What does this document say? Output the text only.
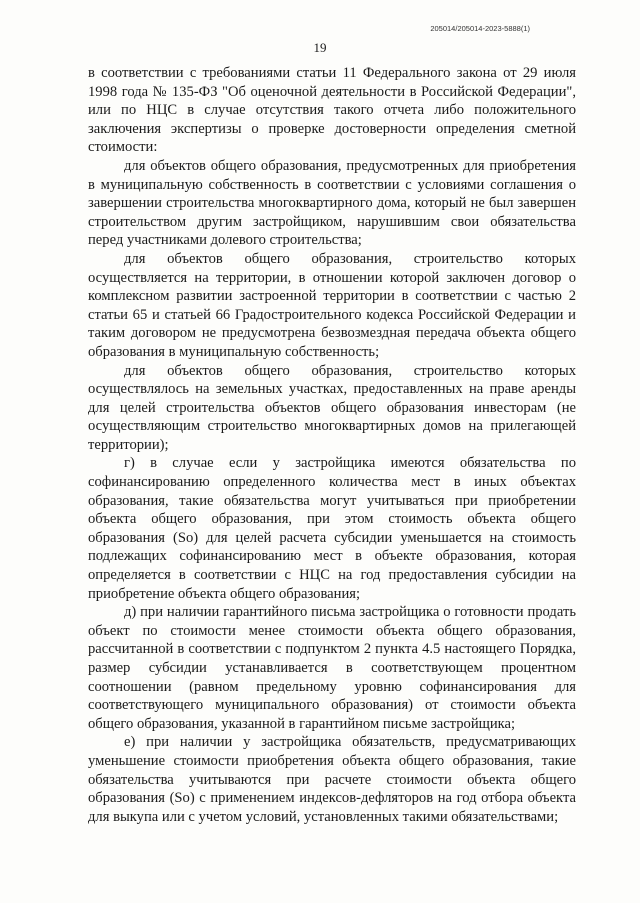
205014/205014-2023-5888(1)
19

в соответствии с требованиями статьи 11 Федерального закона от 29 июля 1998 года № 135-ФЗ "Об оценочной деятельности в Российской Федерации", или по НЦС в случае отсутствия такого отчета либо положительного заключения экспертизы о проверке достоверности определения сметной стоимости:

для объектов общего образования, предусмотренных для приобретения в муниципальную собственность в соответствии с условиями соглашения о завершении строительства многоквартирного дома, который не был завершен строительством другим застройщиком, нарушившим свои обязательства перед участниками долевого строительства;

для объектов общего образования, строительство которых осуществляется на территории, в отношении которой заключен договор о комплексном развитии застроенной территории в соответствии с частью 2 статьи 65 и статьей 66 Градостроительного кодекса Российской Федерации и таким договором не предусмотрена безвозмездная передача объекта общего образования в муниципальную собственность;

для объектов общего образования, строительство которых осуществлялось на земельных участках, предоставленных на праве аренды для целей строительства объектов общего образования инвесторам (не осуществляющим строительство многоквартирных домов на прилегающей территории);

г) в случае если у застройщика имеются обязательства по софинансированию определенного количества мест в иных объектах образования, такие обязательства могут учитываться при приобретении объекта общего образования, при этом стоимость объекта общего образования (So) для целей расчета субсидии уменьшается на стоимость подлежащих софинансированию мест в объекте образования, которая определяется в соответствии с НЦС на год предоставления субсидии на приобретение объекта общего образования;

д) при наличии гарантийного письма застройщика о готовности продать объект по стоимости менее стоимости объекта общего образования, рассчитанной в соответствии с подпунктом 2 пункта 4.5 настоящего Порядка, размер субсидии устанавливается в соответствующем процентном соотношении (равном предельному уровню софинансирования для соответствующего муниципального образования) от стоимости объекта общего образования, указанной в гарантийном письме застройщика;

е) при наличии у застройщика обязательств, предусматривающих уменьшение стоимости приобретения объекта общего образования, такие обязательства учитываются при расчете стоимости объекта общего образования (So) с применением индексов-дефляторов на год отбора объекта для выкупа или с учетом условий, установленных такими обязательствами;
